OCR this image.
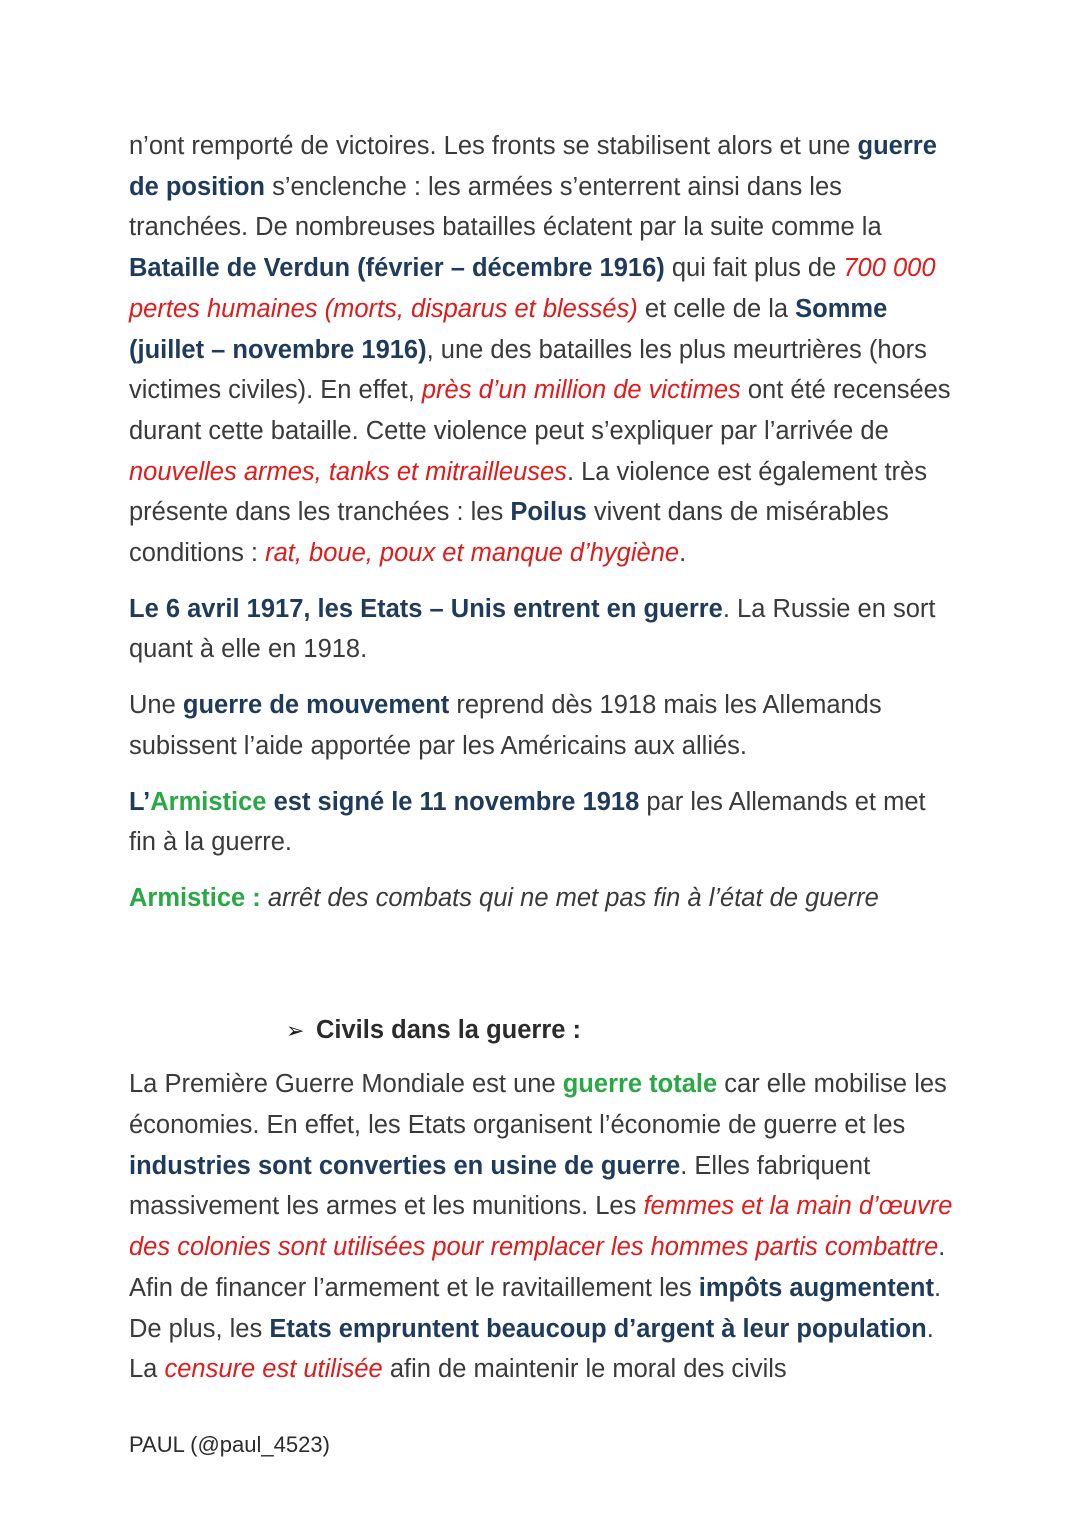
n’ont remporté de victoires. Les fronts se stabilisent alors et une guerre de position s’enclenche : les armées s’enterrent ainsi dans les tranchées. De nombreuses batailles éclatent par la suite comme la Bataille de Verdun (février – décembre 1916) qui fait plus de 700 000 pertes humaines (morts, disparus et blessés) et celle de la Somme (juillet – novembre 1916), une des batailles les plus meurtrières (hors victimes civiles). En effet, près d’un million de victimes ont été recensées durant cette bataille. Cette violence peut s’expliquer par l’arrivée de nouvelles armes, tanks et mitrailleuses. La violence est également très présente dans les tranchées : les Poilus vivent dans de misérables conditions : rat, boue, poux et manque d’hygiène.

Le 6 avril 1917, les Etats – Unis entrent en guerre. La Russie en sort quant à elle en 1918.

Une guerre de mouvement reprend dès 1918 mais les Allemands subissent l’aide apportée par les Américains aux alliés.

L’Armistice est signé le 11 novembre 1918 par les Allemands et met fin à la guerre.

Armistice : arrêt des combats qui ne met pas fin à l’état de guerre

➢ Civils dans la guerre :

La Première Guerre Mondiale est une guerre totale car elle mobilise les économies. En effet, les Etats organisent l’économie de guerre et les industries sont converties en usine de guerre. Elles fabriquent massivement les armes et les munitions. Les femmes et la main d’œuvre des colonies sont utilisées pour remplacer les hommes partis combattre. Afin de financer l’armement et le ravitaillement les impôts augmentent. De plus, les Etats empruntent beaucoup d’argent à leur population. La censure est utilisée afin de maintenir le moral des civils

PAUL (@paul_4523)
